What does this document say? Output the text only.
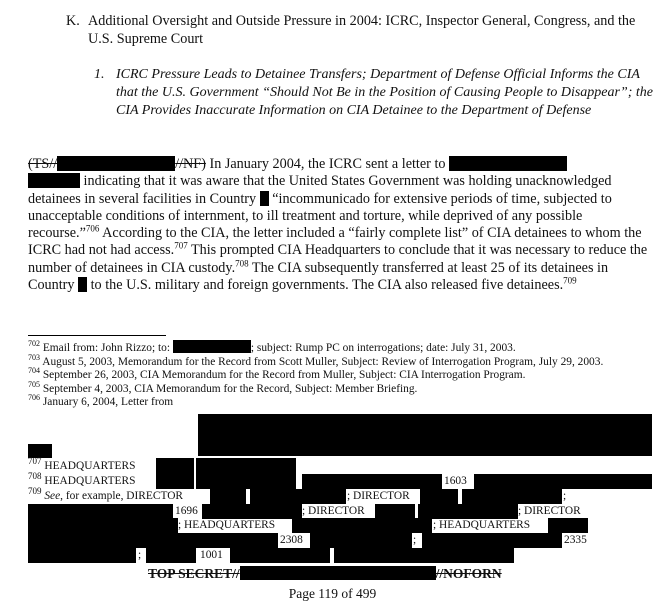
K. Additional Oversight and Outside Pressure in 2004: ICRC, Inspector General, Congress, and the U.S. Supreme Court
1. ICRC Pressure Leads to Detainee Transfers; Department of Defense Official Informs the CIA that the U.S. Government “Should Not Be in the Position of Causing People to Disappear”; the CIA Provides Inaccurate Information on CIA Detainee to the Department of Defense
(TS//	//NF) In January 2004, the ICRC sent a letter to
indicating that it was aware that the United States Government was holding unacknowledged detainees in several facilities in Country  “incommunicado for extensive periods of time, subjected to unacceptable conditions of internment, to ill treatment and torture, while deprived of any possible recourse.”$^{706}$ According to the CIA, the letter included a “fairly complete list” of CIA detainees to whom the ICRC had not had access.$^{707}$ This prompted CIA Headquarters to conclude that it was necessary to reduce the number of detainees in CIA custody.$^{708}$ The CIA subsequently transferred at least 25 of its detainees in Country  to the U.S. military and foreign governments. The CIA also released five detainees.$^{709}$
$^{702}$ Email from: John Rizzo; to:	; subject: Rump PC on interrogations; date: July 31, 2003.
$^{703}$ August 5, 2003, Memorandum for the Record from Scott Muller, Subject: Review of Interrogation Program, July 29, 2003.
$^{704}$ September 26, 2003, CIA Memorandum for the Record from Muller, Subject: CIA Interrogation Program.
$^{705}$ September 4, 2003, CIA Memorandum for the Record, Subject: Member Briefing.
$^{706}$ January 6, 2004, Letter from
$^{707}$ HEADQUARTERS
$^{708}$ HEADQUARTERS	1603
$^{709}$ See, for example, DIRECTOR	; DIRECTOR	;
1696	; DIRECTOR	; DIRECTOR
; HEADQUARTERS	; HEADQUARTERS
2308	;	2335
;	1001
TOP SECRET//	//NOFORN
Page 119 of 499
